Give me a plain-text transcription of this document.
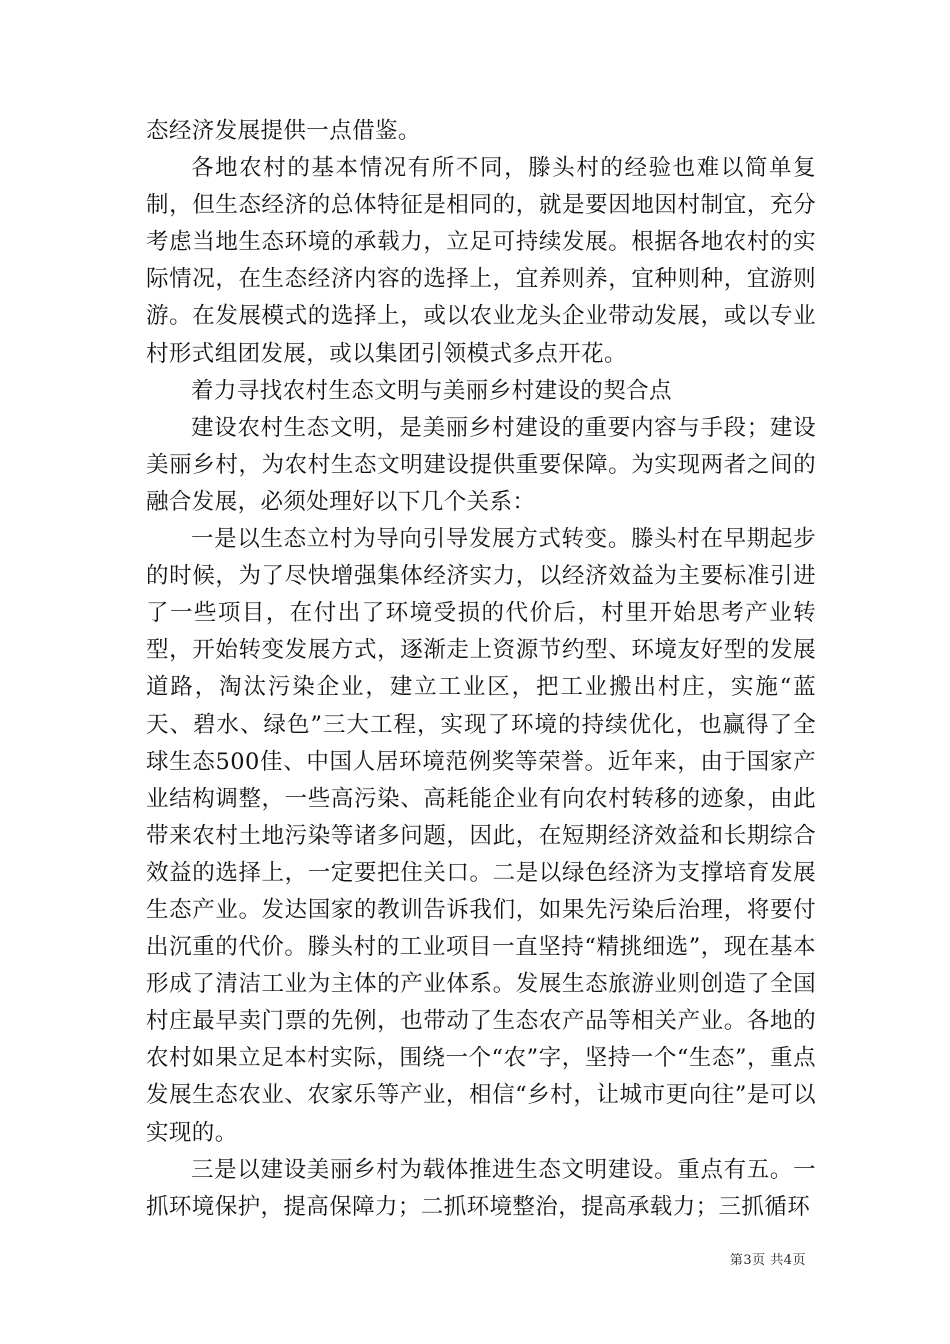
态经济发展提供一点借鉴。

各地农村的基本情况有所不同，滕头村的经验也难以简单复制，但生态经济的总体特征是相同的，就是要因地因村制宜，充分考虑当地生态环境的承载力，立足可持续发展。根据各地农村的实际情况，在生态经济内容的选择上，宜养则养，宜种则种，宜游则游。在发展模式的选择上，或以农业龙头企业带动发展，或以专业村形式组团发展，或以集团引领模式多点开花。

着力寻找农村生态文明与美丽乡村建设的契合点

建设农村生态文明，是美丽乡村建设的重要内容与手段；建设美丽乡村，为农村生态文明建设提供重要保障。为实现两者之间的融合发展，必须处理好以下几个关系：

一是以生态立村为导向引导发展方式转变。滕头村在早期起步的时候，为了尽快增强集体经济实力，以经济效益为主要标准引进了一些项目，在付出了环境受损的代价后，村里开始思考产业转型，开始转变发展方式，逐渐走上资源节约型、环境友好型的发展道路，淘汰污染企业，建立工业区，把工业搬出村庄，实施“蓝天、碧水、绿色”三大工程，实现了环境的持续优化，也赢得了全球生态500佳、中国人居环境范例奖等荣誉。近年来，由于国家产业结构调整，一些高污染、高耗能企业有向农村转移的迹象，由此带来农村土地污染等诸多问题，因此，在短期经济效益和长期综合效益的选择上，一定要把住关口。二是以绿色经济为支撑培育发展生态产业。发达国家的教训告诉我们，如果先污染后治理，将要付出沉重的代价。滕头村的工业项目一直坚持“精挑细选”，现在基本形成了清洁工业为主体的产业体系。发展生态旅游业则创造了全国村庄最早卖门票的先例，也带动了生态农产品等相关产业。各地的农村如果立足本村实际，围绕一个“农”字，坚持一个“生态”，重点发展生态农业、农家乐等产业，相信“乡村，让城市更向往”是可以实现的。

三是以建设美丽乡村为载体推进生态文明建设。重点有五。一抓环境保护，提高保障力；二抓环境整治，提高承载力；三抓循环

第3页 共4页
